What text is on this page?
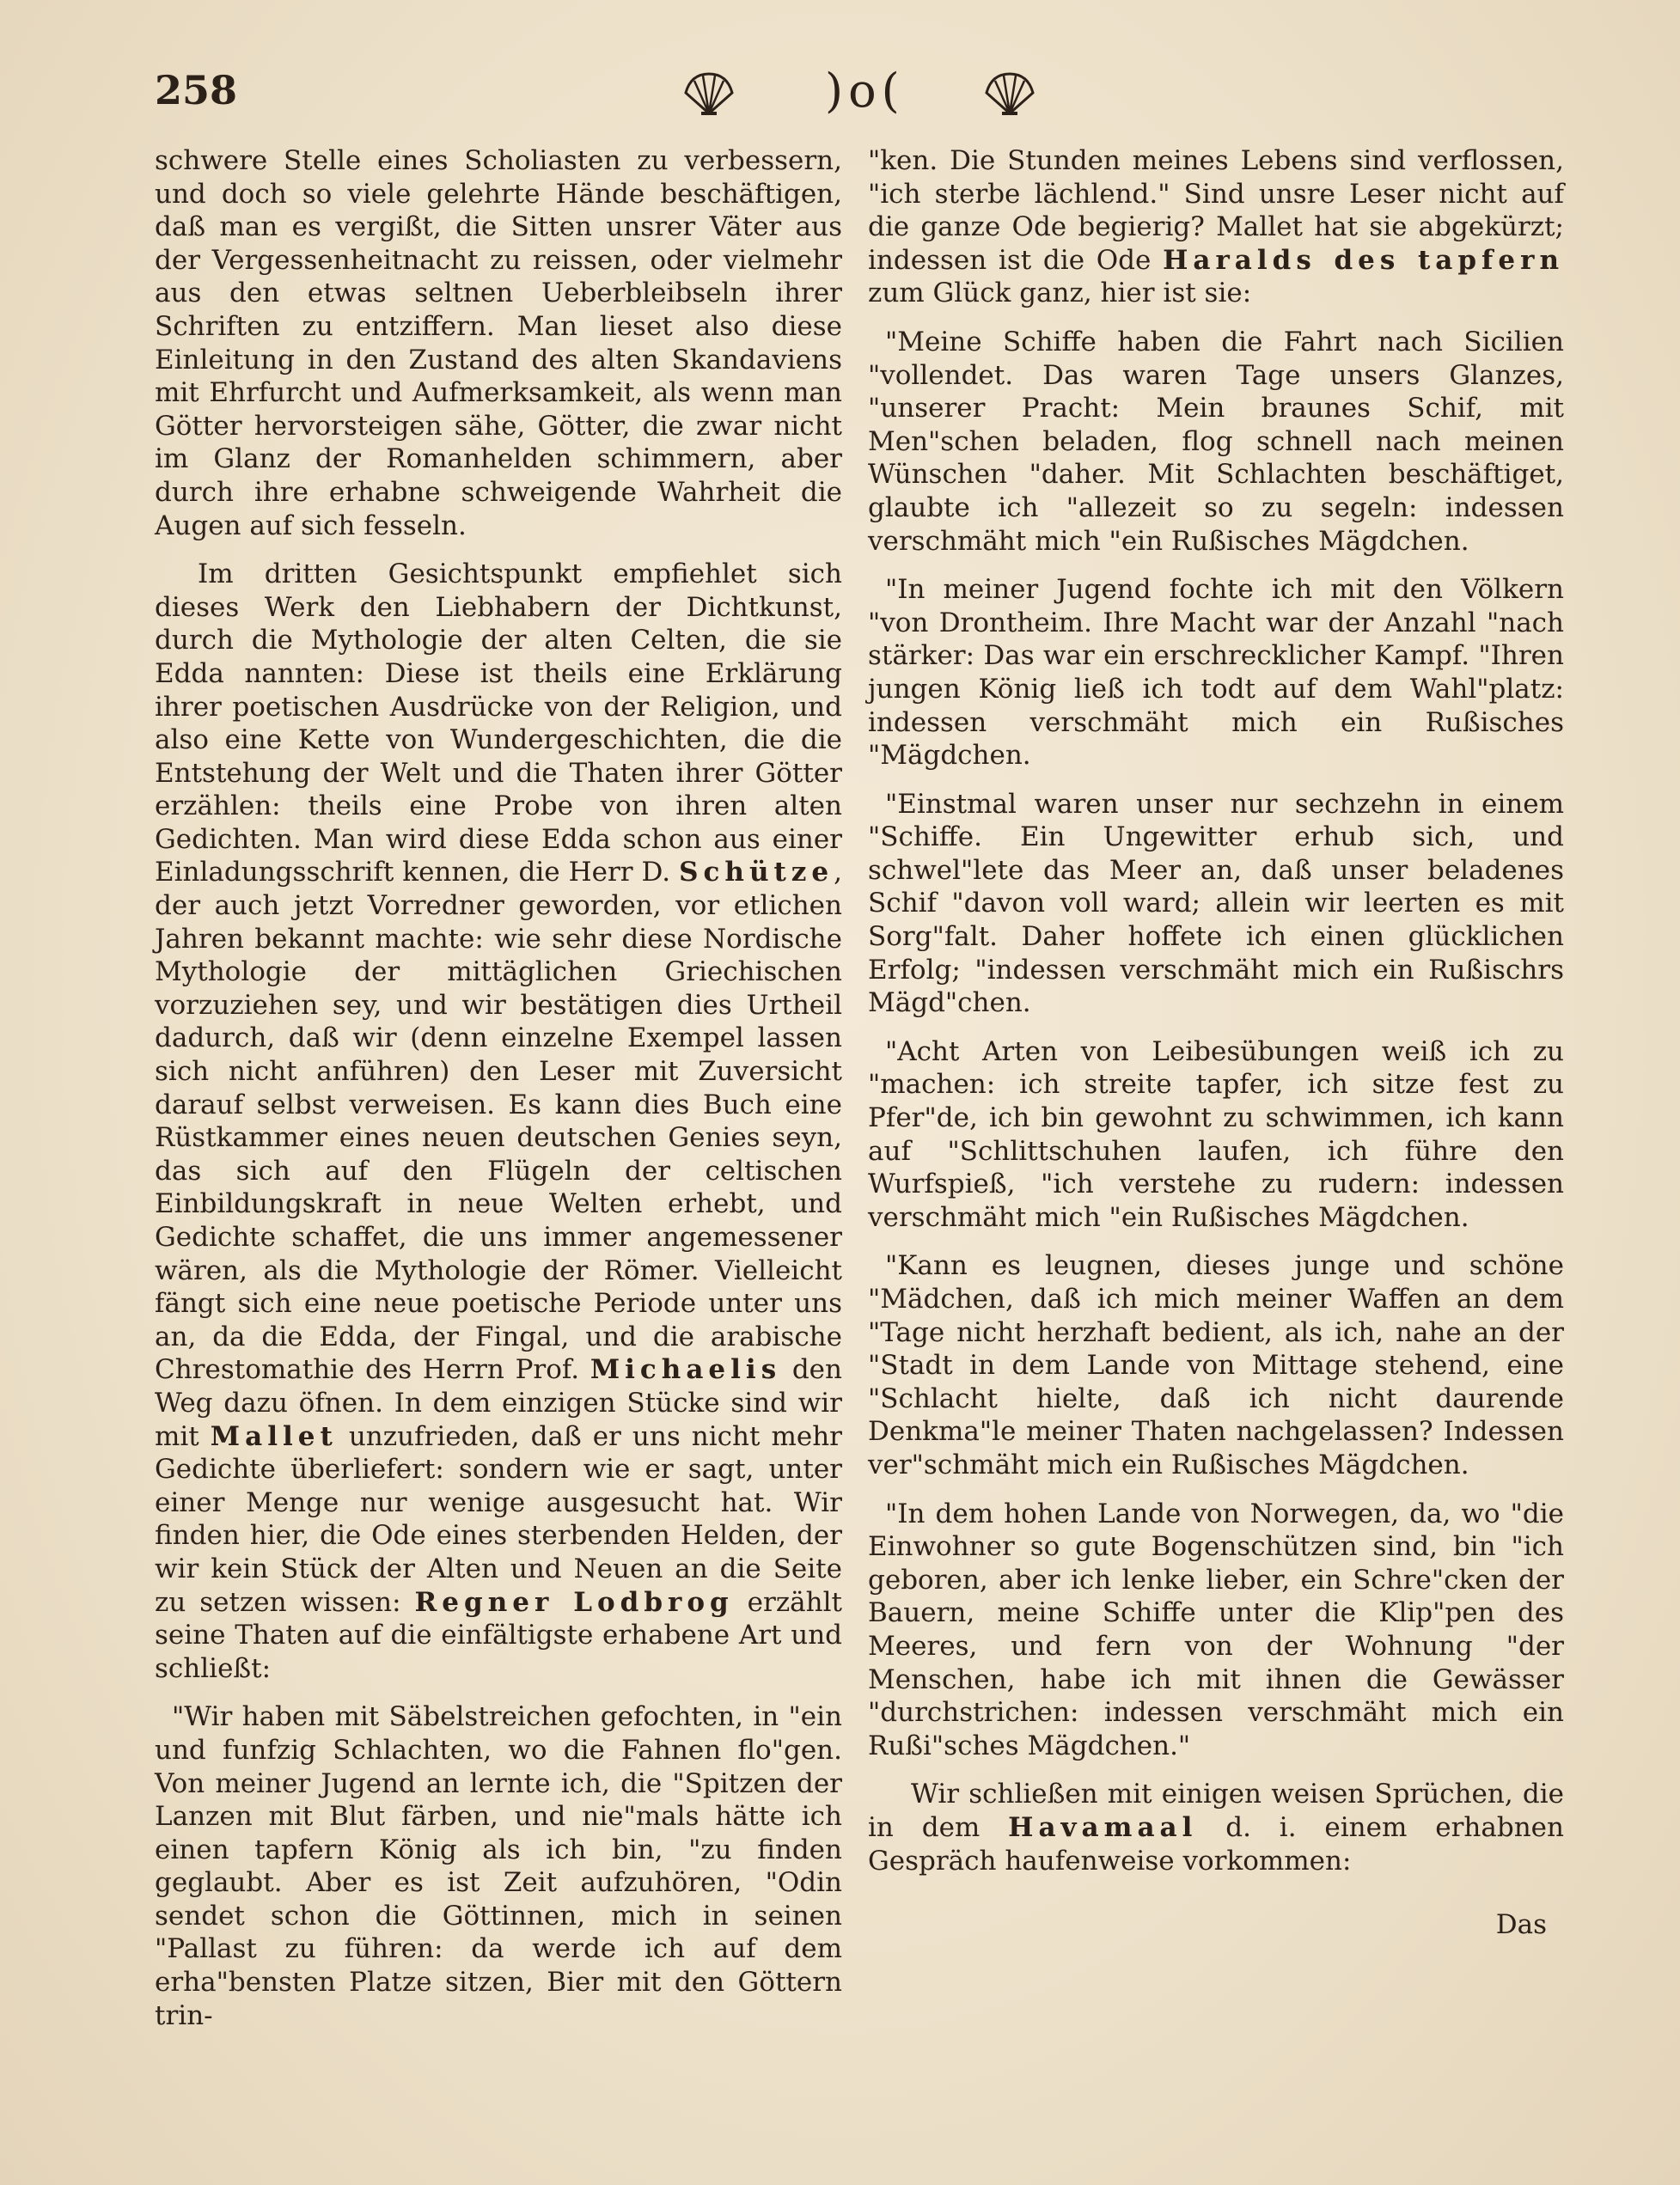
258	)o(

schwere Stelle eines Scholiasten zu verbessern, und doch so viele gelehrte Hände beschäftigen, daß man es vergißt, die Sitten unsrer Väter aus der Vergessenheitnacht zu reissen, oder vielmehr aus den etwas seltnen Ueberbleibseln ihrer Schriften zu entziffern. Man lieset also diese Einleitung in den Zustand des alten Skandaviens mit Ehrfurcht und Aufmerksamkeit, als wenn man Götter hervorsteigen sähe, Götter, die zwar nicht im Glanz der Romanhelden schimmern, aber durch ihre erhabne schweigende Wahrheit die Augen auf sich fesseln.

Im dritten Gesichtspunkt empfiehlet sich dieses Werk den Liebhabern der Dichtkunst, durch die Mythologie der alten Celten, die sie Edda nannten: Diese ist theils eine Erklärung ihrer poetischen Ausdrücke von der Religion, und also eine Kette von Wundergeschichten, die die Entstehung der Welt und die Thaten ihrer Götter erzählen: theils eine Probe von ihren alten Gedichten. Man wird diese Edda schon aus einer Einladungsschrift kennen, die Herr D. Schütze, der auch jetzt Vorredner geworden, vor etlichen Jahren bekannt machte: wie sehr diese Nordische Mythologie der mittäglichen Griechischen vorzuziehen sey, und wir bestätigen dies Urtheil dadurch, daß wir (denn einzelne Exempel lassen sich nicht anführen) den Leser mit Zuversicht darauf selbst verweisen. Es kann dies Buch eine Rüstkammer eines neuen deutschen Genies seyn, das sich auf den Flügeln der celtischen Einbildungskraft in neue Welten erhebt, und Gedichte schaffet, die uns immer angemessener wären, als die Mythologie der Römer. Vielleicht fängt sich eine neue poetische Periode unter uns an, da die Edda, der Fingal, und die arabische Chrestomathie des Herrn Prof. Michaelis den Weg dazu öfnen. In dem einzigen Stücke sind wir mit Mallet unzufrieden, daß er uns nicht mehr Gedichte überliefert: sondern wie er sagt, unter einer Menge nur wenige ausgesucht hat. Wir finden hier, die Ode eines sterbenden Helden, der wir kein Stück der Alten und Neuen an die Seite zu setzen wissen: Regner Lodbrog erzählt seine Thaten auf die einfältigste erhabene Art und schließt:

"Wir haben mit Säbelstreichen gefochten, in "ein und funfzig Schlachten, wo die Fahnen flo"gen. Von meiner Jugend an lernte ich, die "Spitzen der Lanzen mit Blut färben, und nie"mals hätte ich einen tapfern König als ich bin, "zu finden geglaubt. Aber es ist Zeit aufzuhören, "Odin sendet schon die Göttinnen, mich in seinen "Pallast zu führen: da werde ich auf dem erha"bensten Platze sitzen, Bier mit den Göttern trin-

"ken. Die Stunden meines Lebens sind verflossen, "ich sterbe lächlend." Sind unsre Leser nicht auf die ganze Ode begierig? Mallet hat sie abgekürzt; indessen ist die Ode Haralds des tapfern zum Glück ganz, hier ist sie:

"Meine Schiffe haben die Fahrt nach Sicilien "vollendet. Das waren Tage unsers Glanzes, "unserer Pracht: Mein braunes Schif, mit Men"schen beladen, flog schnell nach meinen Wünschen "daher. Mit Schlachten beschäftiget, glaubte ich "allezeit so zu segeln: indessen verschmäht mich "ein Rußisches Mägdchen.

"In meiner Jugend fochte ich mit den Völkern "von Drontheim. Ihre Macht war der Anzahl "nach stärker: Das war ein erschrecklicher Kampf. "Ihren jungen König ließ ich todt auf dem Wahl"platz: indessen verschmäht mich ein Rußisches "Mägdchen.

"Einstmal waren unser nur sechzehn in einem "Schiffe. Ein Ungewitter erhub sich, und schwel"lete das Meer an, daß unser beladenes Schif "davon voll ward; allein wir leerten es mit Sorg"falt. Daher hoffete ich einen glücklichen Erfolg; "indessen verschmäht mich ein Rußischrs Mägd"chen.

"Acht Arten von Leibesübungen weiß ich zu "machen: ich streite tapfer, ich sitze fest zu Pfer"de, ich bin gewohnt zu schwimmen, ich kann auf "Schlittschuhen laufen, ich führe den Wurfspieß, "ich verstehe zu rudern: indessen verschmäht mich "ein Rußisches Mägdchen.

"Kann es leugnen, dieses junge und schöne "Mädchen, daß ich mich meiner Waffen an dem "Tage nicht herzhaft bedient, als ich, nahe an der "Stadt in dem Lande von Mittage stehend, eine "Schlacht hielte, daß ich nicht daurende Denkma"le meiner Thaten nachgelassen? Indessen ver"schmäht mich ein Rußisches Mägdchen.

"In dem hohen Lande von Norwegen, da, wo "die Einwohner so gute Bogenschützen sind, bin "ich geboren, aber ich lenke lieber, ein Schre"cken der Bauern, meine Schiffe unter die Klip"pen des Meeres, und fern von der Wohnung "der Menschen, habe ich mit ihnen die Gewässer "durchstrichen: indessen verschmäht mich ein Rußi"sches Mägdchen."

Wir schließen mit einigen weisen Sprüchen, die in dem Havamaal d. i. einem erhabnen Gespräch haufenweise vorkommen:

Das
